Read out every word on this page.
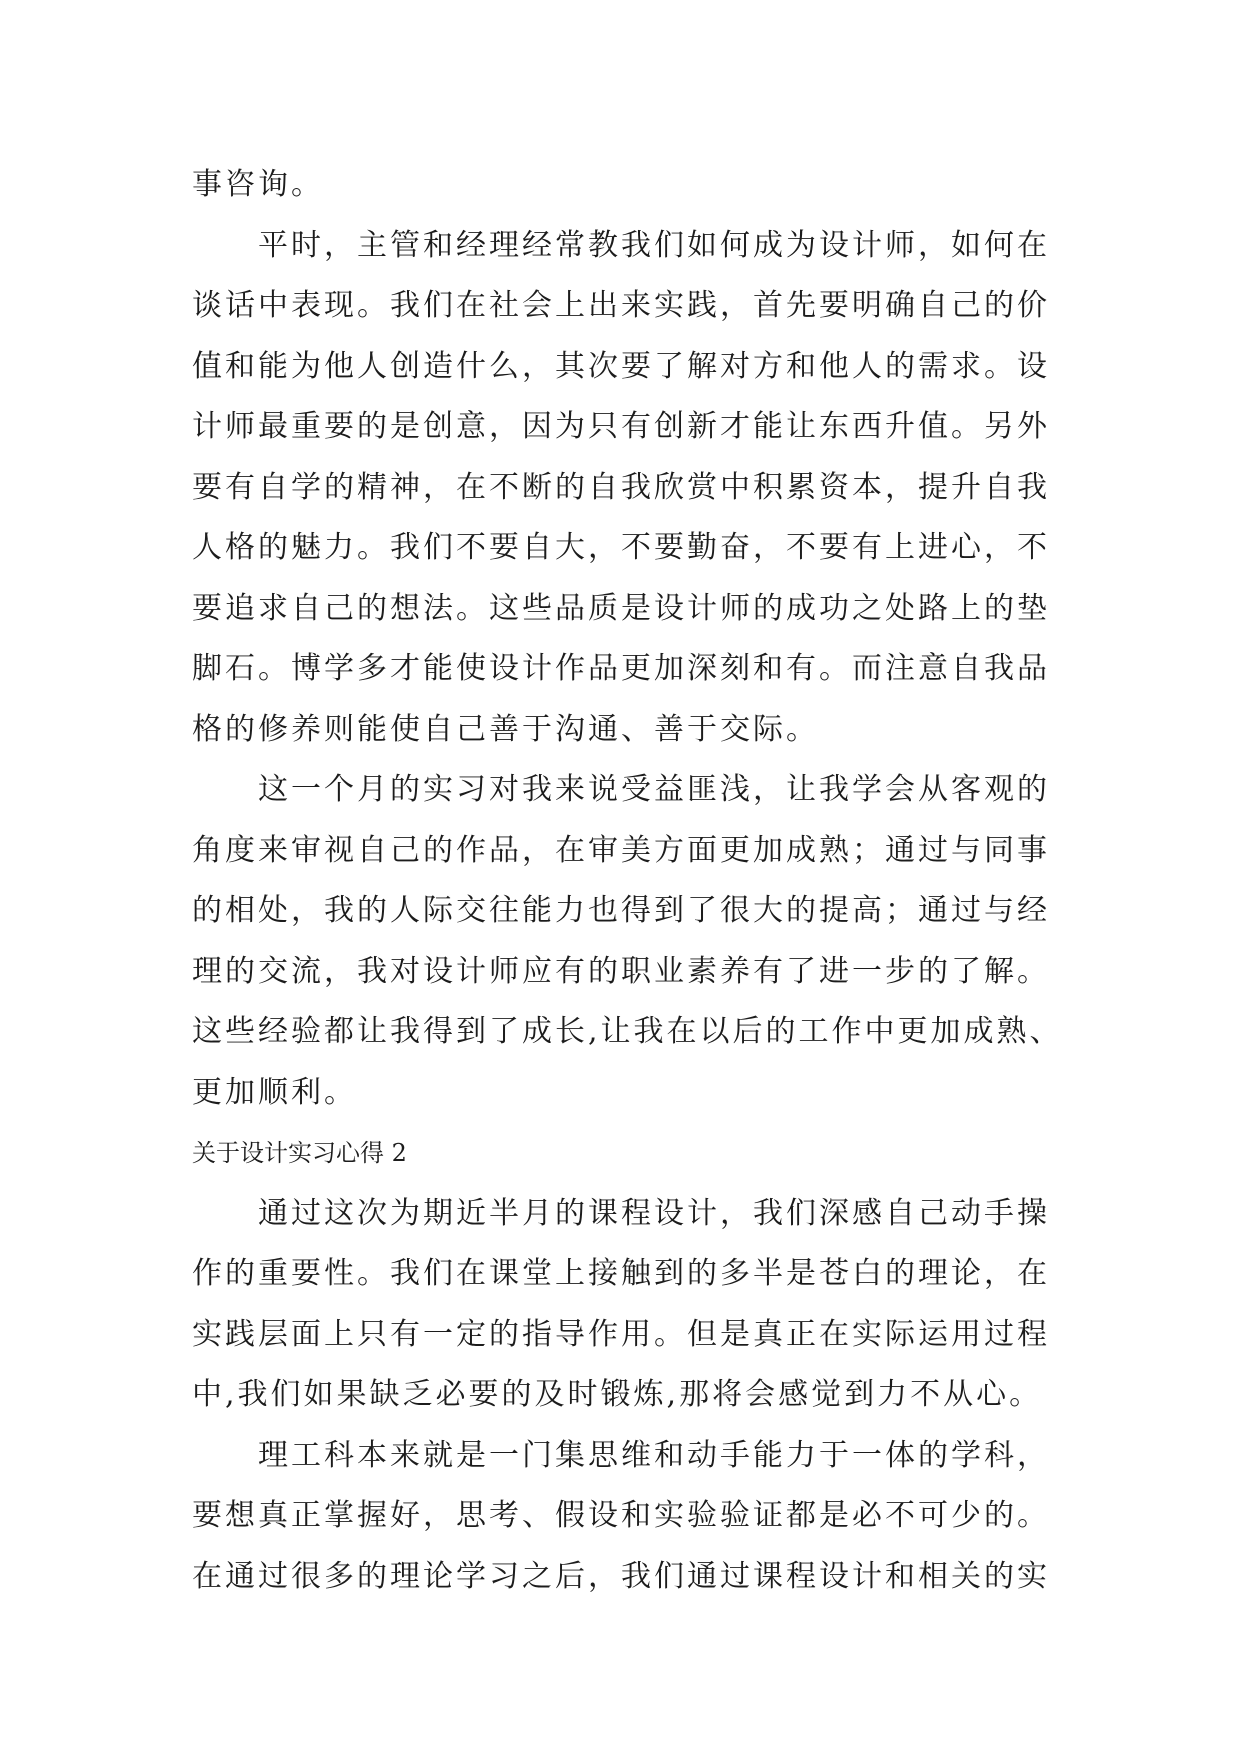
事咨询。
平时，主管和经理经常教我们如何成为设计师，如何在
谈话中表现。我们在社会上出来实践，首先要明确自己的价
值和能为他人创造什么，其次要了解对方和他人的需求。设
计师最重要的是创意，因为只有创新才能让东西升值。另外
要有自学的精神，在不断的自我欣赏中积累资本，提升自我
人格的魅力。我们不要自大，不要勤奋，不要有上进心，不
要追求自己的想法。这些品质是设计师的成功之处路上的垫
脚石。博学多才能使设计作品更加深刻和有。而注意自我品
格的修养则能使自己善于沟通、善于交际。
这一个月的实习对我来说受益匪浅，让我学会从客观的
角度来审视自己的作品，在审美方面更加成熟；通过与同事
的相处，我的人际交往能力也得到了很大的提高；通过与经
理的交流，我对设计师应有的职业素养有了进一步的了解。
这些经验都让我得到了成长,让我在以后的工作中更加成熟、
更加顺利。
关于设计实习心得 2
通过这次为期近半月的课程设计，我们深感自己动手操
作的重要性。我们在课堂上接触到的多半是苍白的理论，在
实践层面上只有一定的指导作用。但是真正在实际运用过程
中,我们如果缺乏必要的及时锻炼,那将会感觉到力不从心。
理工科本来就是一门集思维和动手能力于一体的学科，
要想真正掌握好，思考、假设和实验验证都是必不可少的。
在通过很多的理论学习之后，我们通过课程设计和相关的实
